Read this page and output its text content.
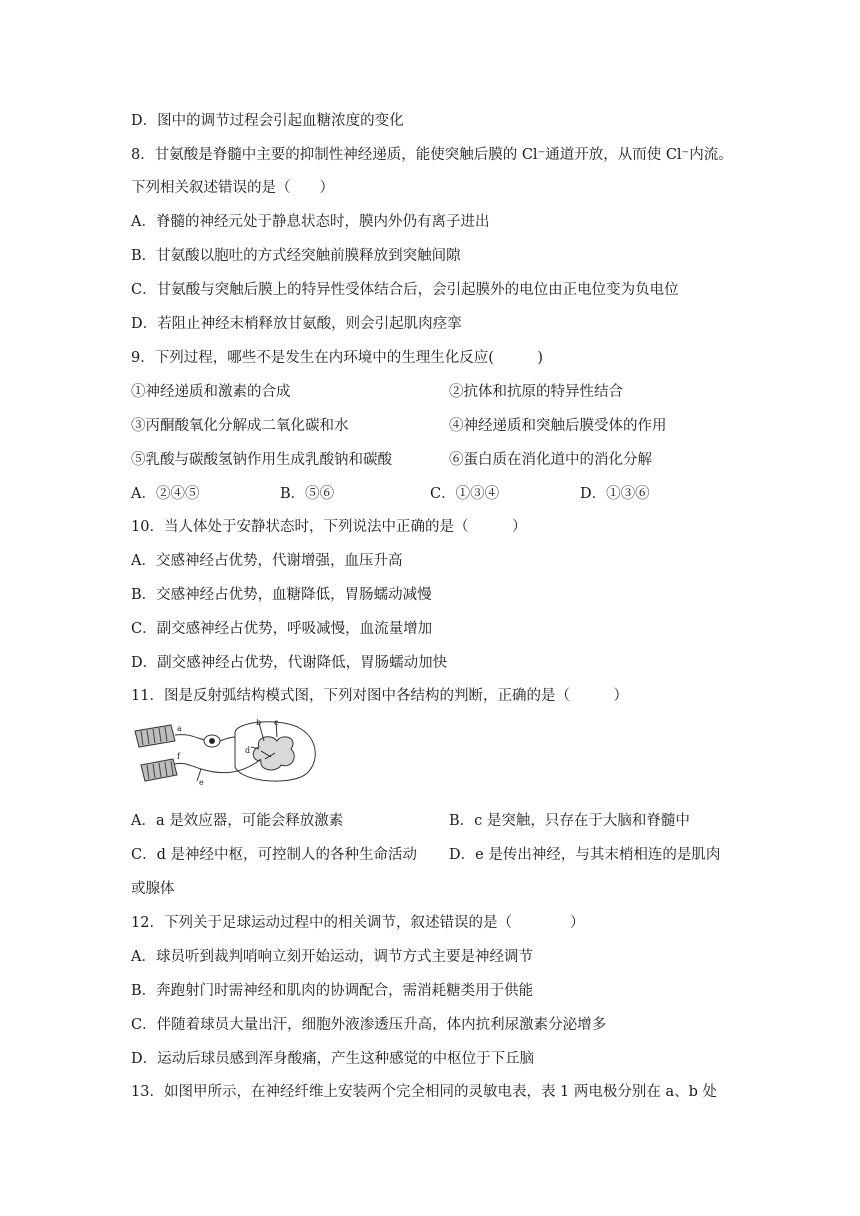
D．图中的调节过程会引起血糖浓度的变化
8．甘氨酸是脊髓中主要的抑制性神经递质，能使突触后膜的 Cl⁻通道开放，从而使 Cl⁻内流。
下列相关叙述错误的是（　　）
A．脊髓的神经元处于静息状态时，膜内外仍有离子进出
B．甘氨酸以胞吐的方式经突触前膜释放到突触间隙
C．甘氨酸与突触后膜上的特异性受体结合后，会引起膜外的电位由正电位变为负电位
D．若阻止神经末梢释放甘氨酸，则会引起肌肉痉挛
9．下列过程，哪些不是发生在内环境中的生理生化反应(　　　)
①神经递质和激素的合成	②抗体和抗原的特异性结合
③丙酮酸氧化分解成二氧化碳和水	④神经递质和突触后膜受体的作用
⑤乳酸与碳酸氢钠作用生成乳酸钠和碳酸	⑥蛋白质在消化道中的消化分解
A．②④⑤	B．⑤⑥	C．①③④	D．①③⑥
10．当人体处于安静状态时，下列说法中正确的是（　　　）
A．交感神经占优势，代谢增强，血压升高
B．交感神经占优势，血糖降低，胃肠蠕动减慢
C．副交感神经占优势，呼吸减慢，血流量增加
D．副交感神经占优势，代谢降低，胃肠蠕动加快
11．图是反射弧结构模式图，下列对图中各结构的判断，正确的是（　　　）
a
b c
d
e
f
A．a 是效应器，可能会释放激素	B．c 是突触，只存在于大脑和脊髓中
C．d 是神经中枢，可控制人的各种生命活动 D．e 是传出神经，与其末梢相连的是肌肉
或腺体
12．下列关于足球运动过程中的相关调节，叙述错误的是（　　　　）
A．球员听到裁判哨响立刻开始运动，调节方式主要是神经调节
B．奔跑射门时需神经和肌肉的协调配合，需消耗糖类用于供能
C．伴随着球员大量出汗，细胞外液渗透压升高，体内抗利尿激素分泌增多
D．运动后球员感到浑身酸痛，产生这种感觉的中枢位于下丘脑
13．如图甲所示，在神经纤维上安装两个完全相同的灵敏电表，表 1 两电极分别在 a、b 处
